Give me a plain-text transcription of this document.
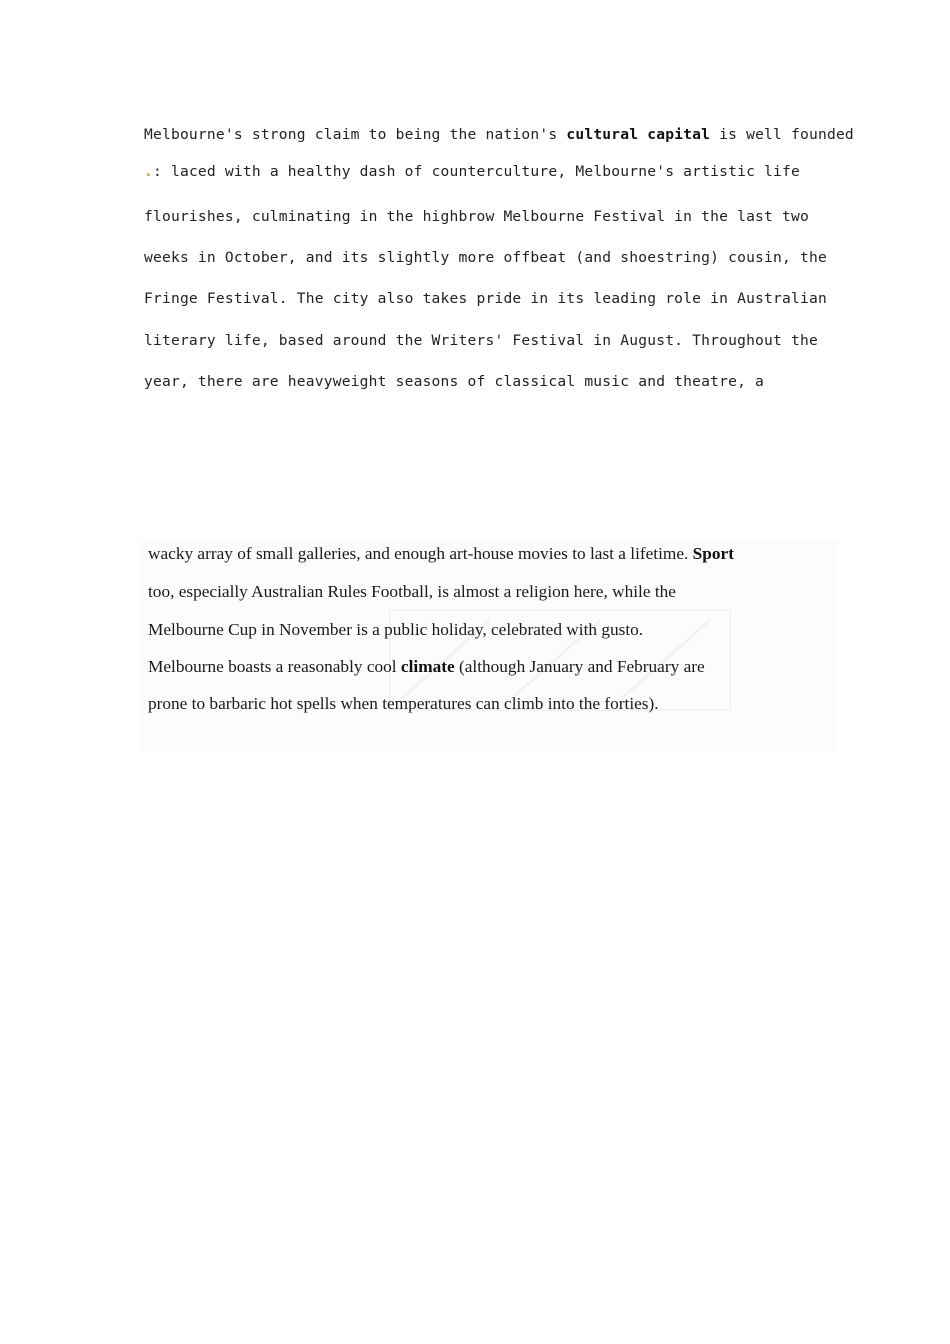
Melbourne's strong claim to being the nation's cultural capital is well founded
.: laced with a healthy dash of counterculture, Melbourne's artistic life
flourishes, culminating in the highbrow Melbourne Festival in the last two
weeks in October, and its slightly more offbeat (and shoestring) cousin, the
Fringe Festival. The city also takes pride in its leading role in Australian
literary life, based around the Writers' Festival in August. Throughout the
year, there are heavyweight seasons of classical music and theatre, a
wacky array of small galleries, and enough art-house movies to last a lifetime. Sport
too, especially Australian Rules Football, is almost a religion here, while the
Melbourne Cup in November is a public holiday, celebrated with gusto.
Melbourne boasts a reasonably cool climate (although January and February are
prone to barbaric hot spells when temperatures can climb into the forties).
